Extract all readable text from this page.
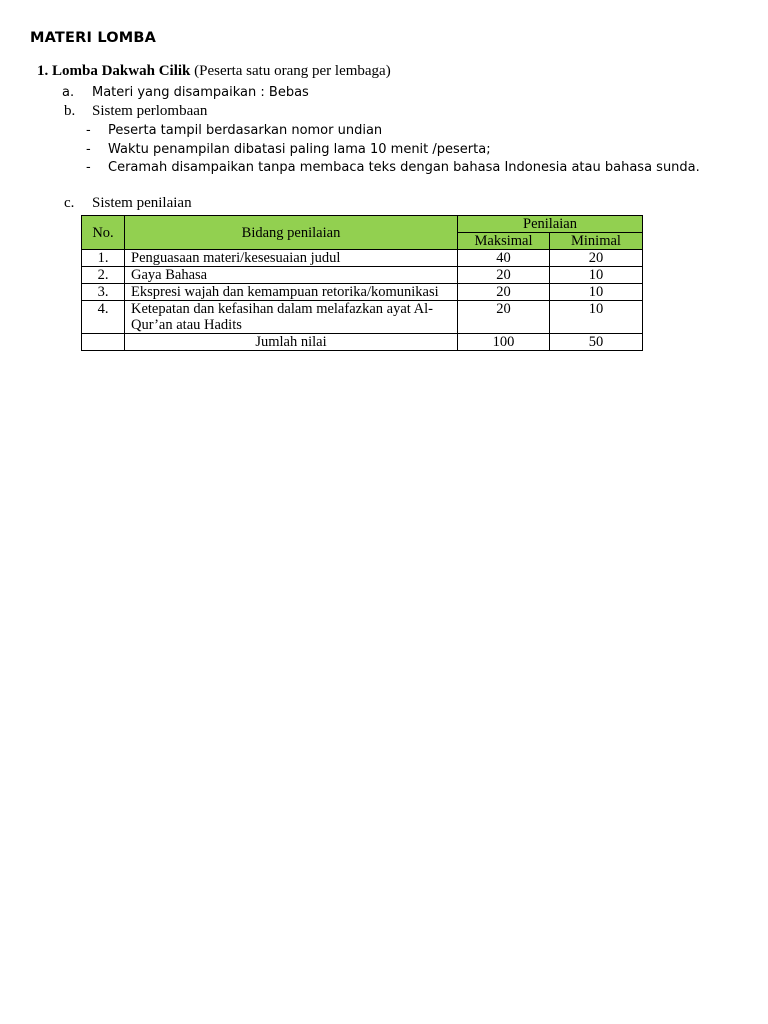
MATERI LOMBA
1. Lomba Dakwah Cilik (Peserta satu orang per lembaga)
a. Materi yang disampaikan : Bebas
b. Sistem perlombaan
- Peserta tampil berdasarkan nomor undian
- Waktu penampilan dibatasi paling lama 10 menit /peserta;
- Ceramah disampaikan tanpa membaca teks dengan bahasa Indonesia atau bahasa sunda.
c. Sistem penilaian
No.	Bidang penilaian	Penilaian	
		Maksimal	Minimal
1.	Penguasaan materi/kesesuaian judul	40	20
2.	Gaya Bahasa	20	10
3.	Ekspresi wajah dan kemampuan retorika/komunikasi	20	10
4.	Ketepatan dan kefasihan dalam melafazkan ayat Al-Qur’an atau Hadits	20	10
	Jumlah nilai	100	50
